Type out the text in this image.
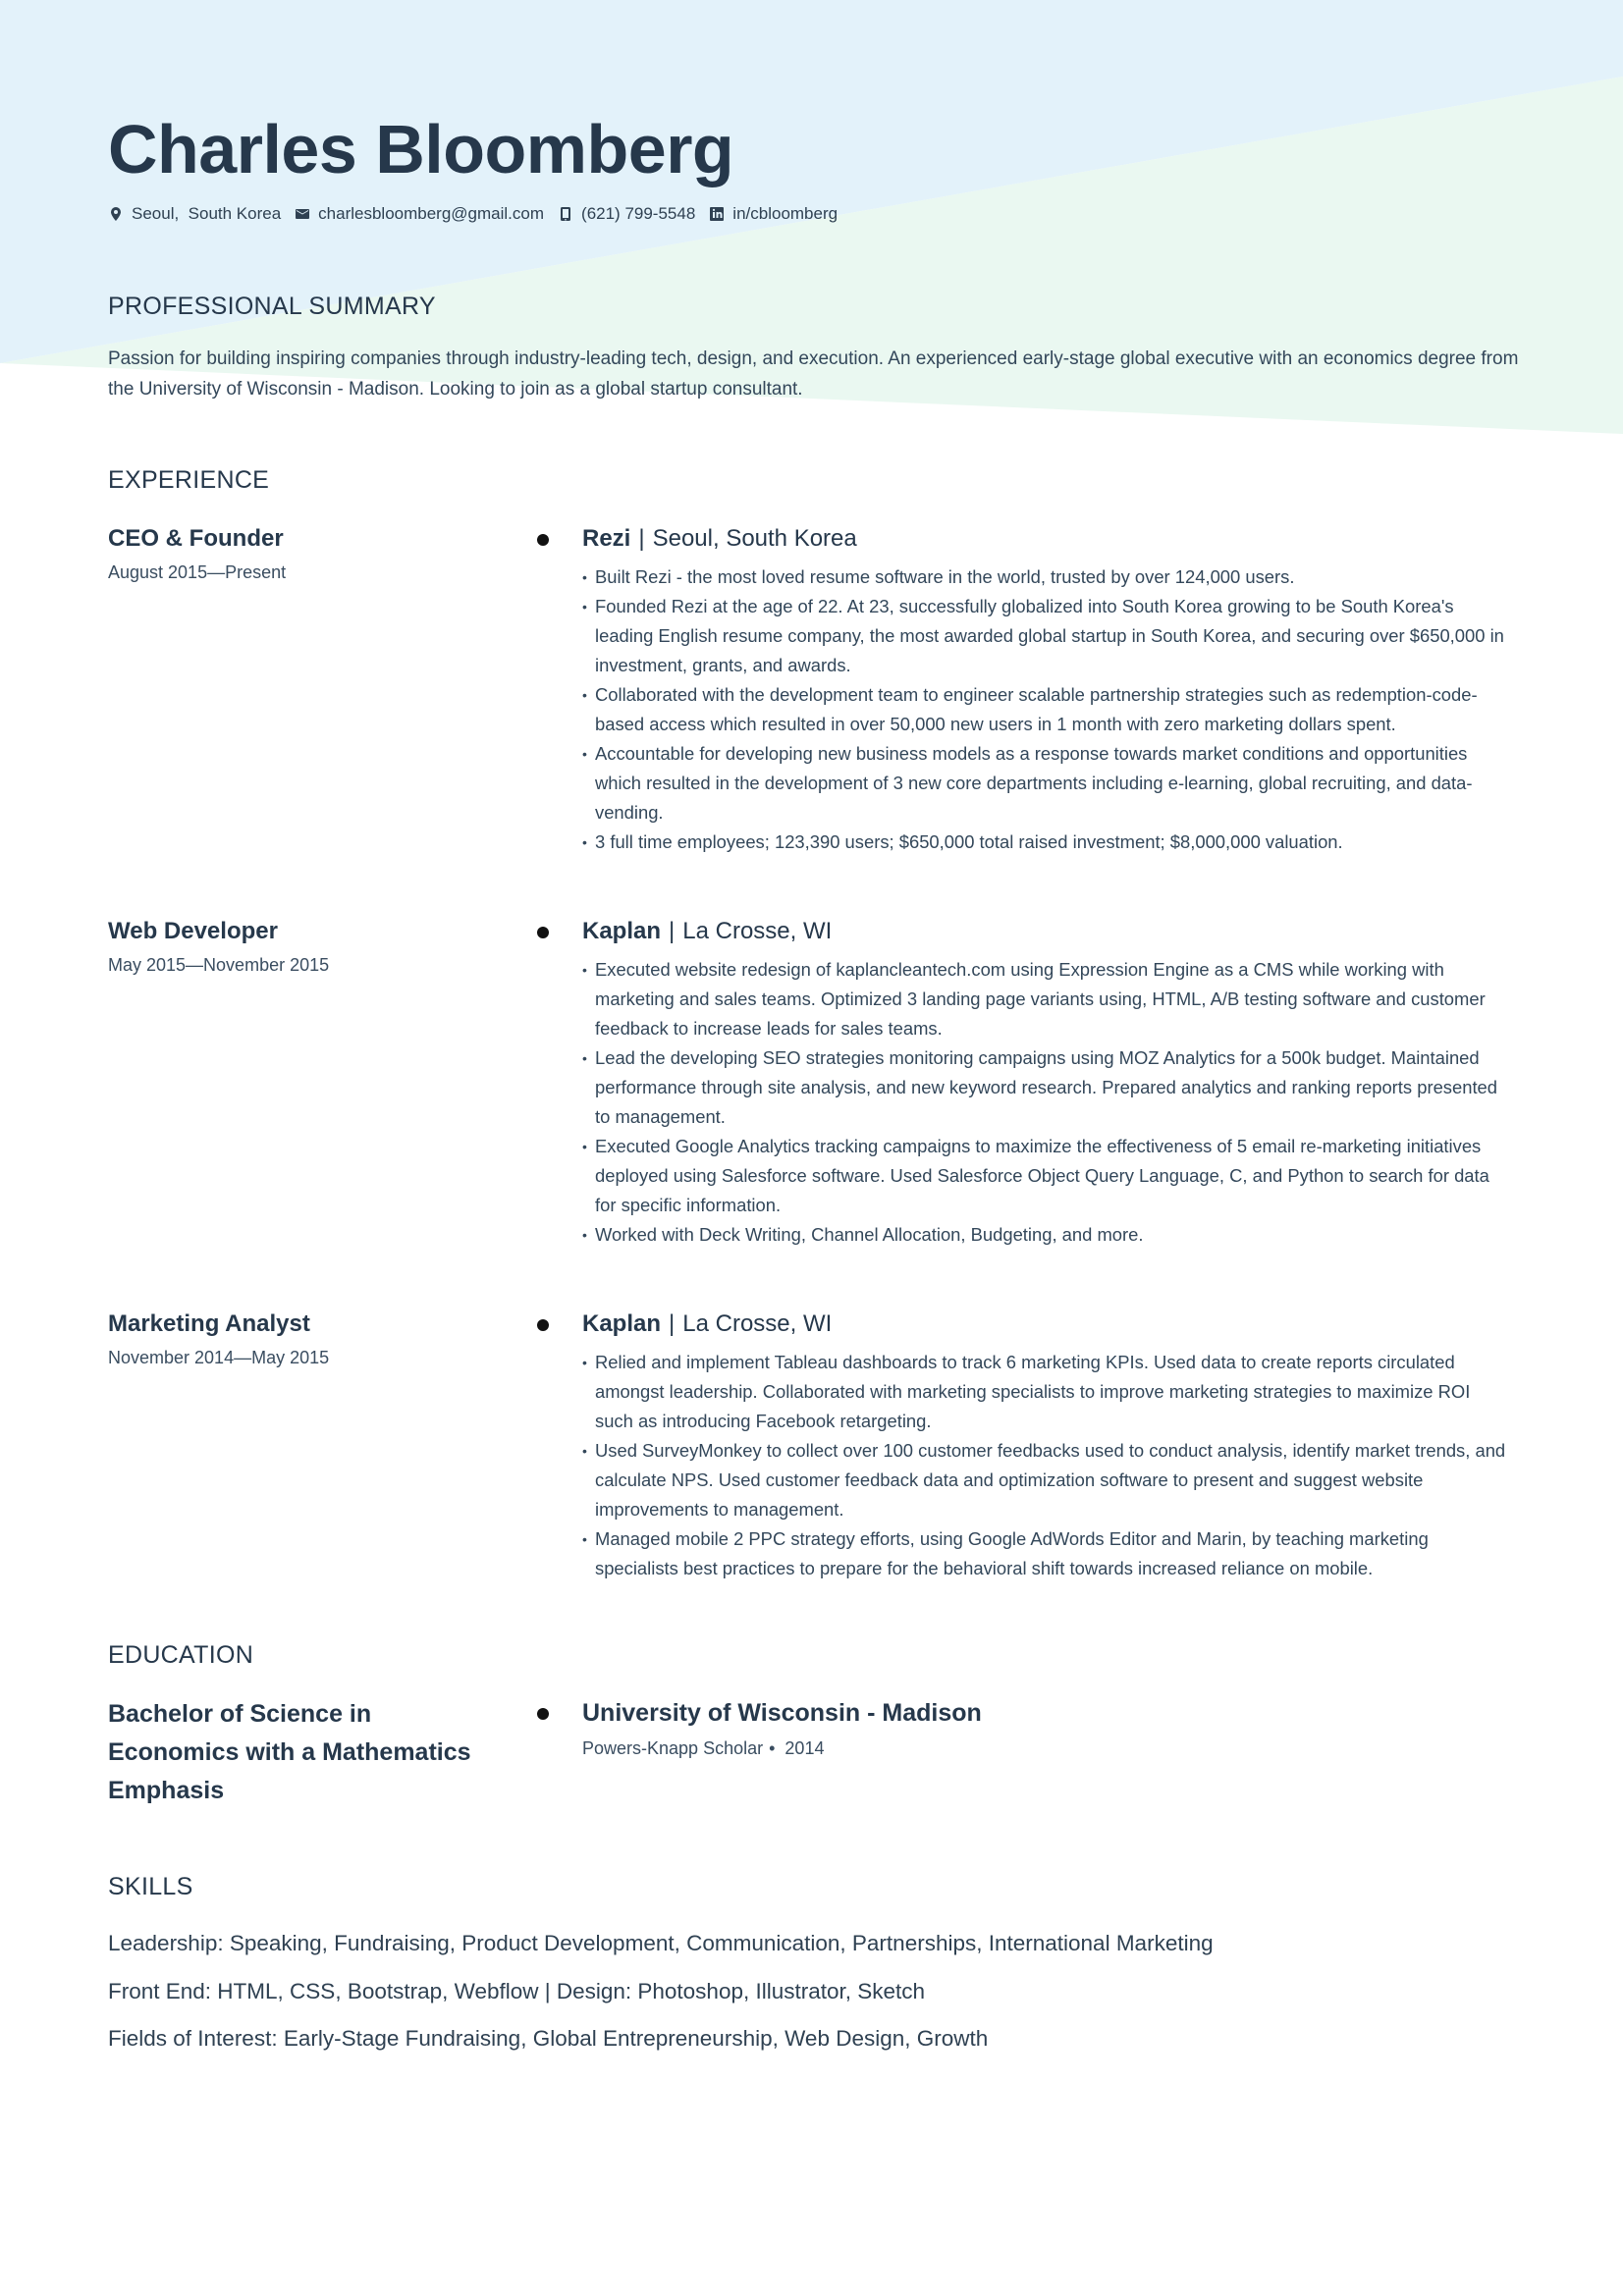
Charles Bloomberg
Seoul,  South Korea charlesbloomberg@gmail.com (621) 799-5548 in/cbloomberg
PROFESSIONAL SUMMARY

Passion for building inspiring companies through industry-leading tech, design, and execution. An experienced early-stage global executive with an economics degree from the University of Wisconsin - Madison. Looking to join as a global startup consultant.

EXPERIENCE
CEO & Founder
August 2015—Present
Rezi | Seoul, South Korea
• Built Rezi - the most loved resume software in the world, trusted by over 124,000 users.
• Founded Rezi at the age of 22. At 23, successfully globalized into South Korea growing to be South Korea's leading English resume company, the most awarded global startup in South Korea, and securing over $650,000 in investment, grants, and awards.
• Collaborated with the development team to engineer scalable partnership strategies such as redemption-code-based access which resulted in over 50,000 new users in 1 month with zero marketing dollars spent.
• Accountable for developing new business models as a response towards market conditions and opportunities which resulted in the development of 3 new core departments including e-learning, global recruiting, and data-vending.
• 3 full time employees; 123,390 users; $650,000 total raised investment; $8,000,000 valuation.
Web Developer
May 2015—November 2015
Kaplan | La Crosse, WI
• Executed website redesign of kaplancleantech.com using Expression Engine as a CMS while working with marketing and sales teams. Optimized 3 landing page variants using, HTML, A/B testing software and customer feedback to increase leads for sales teams.
• Lead the developing SEO strategies monitoring campaigns using MOZ Analytics for a 500k budget. Maintained performance through site analysis, and new keyword research. Prepared analytics and ranking reports presented to management.
• Executed Google Analytics tracking campaigns to maximize the effectiveness of 5 email re-marketing initiatives deployed using Salesforce software. Used Salesforce Object Query Language, C, and Python to search for data for specific information.
• Worked with Deck Writing, Channel Allocation, Budgeting, and more.
Marketing Analyst
November 2014—May 2015
Kaplan | La Crosse, WI
• Relied and implement Tableau dashboards to track 6 marketing KPIs. Used data to create reports circulated amongst leadership. Collaborated with marketing specialists to improve marketing strategies to maximize ROI such as introducing Facebook retargeting.
• Used SurveyMonkey to collect over 100 customer feedbacks used to conduct analysis, identify market trends, and calculate NPS. Used customer feedback data and optimization software to present and suggest website improvements to management.
• Managed mobile 2 PPC strategy efforts, using Google AdWords Editor and Marin, by teaching marketing specialists best practices to prepare for the behavioral shift towards increased reliance on mobile.
EDUCATION
Bachelor of Science in Economics with a Mathematics Emphasis
University of Wisconsin - Madison
Powers-Knapp Scholar • 2014
SKILLS
Leadership: Speaking, Fundraising, Product Development, Communication, Partnerships, International Marketing
Front End: HTML, CSS, Bootstrap, Webflow | Design: Photoshop, Illustrator, Sketch
Fields of Interest: Early-Stage Fundraising, Global Entrepreneurship, Web Design, Growth
